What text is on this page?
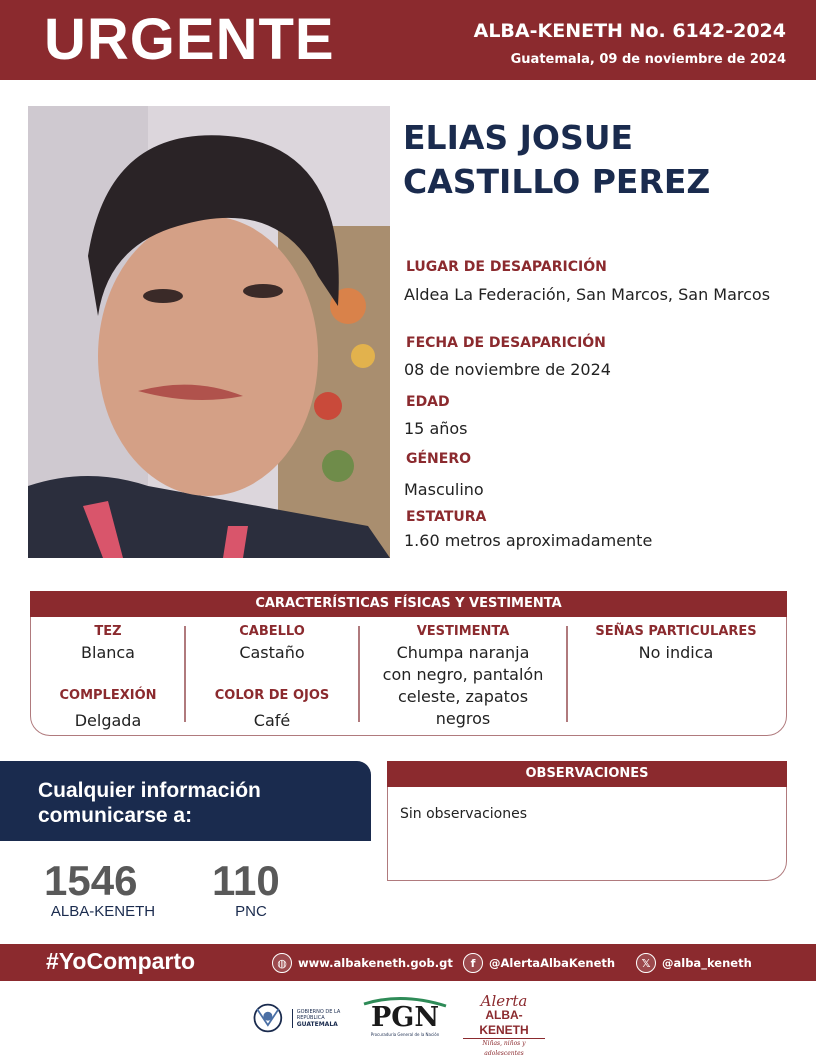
URGENTE	ALBA-KENETH No. 6142-2024
Guatemala, 09 de noviembre de 2024
ELIAS JOSUE
CASTILLO PEREZ
LUGAR DE DESAPARICIÓN
Aldea La Federación, San Marcos, San Marcos
FECHA DE DESAPARICIÓN
08 de noviembre de 2024
EDAD
15 años
GÉNERO
Masculino
ESTATURA
1.60 metros aproximadamente
CARACTERÍSTICAS FÍSICAS Y VESTIMENTA
TEZ
Blanca
COMPLEXIÓN
Delgada
CABELLO
Castaño
COLOR DE OJOS
Café
VESTIMENTA
Chumpa naranja
con negro, pantalón
celeste, zapatos
negros
SEÑAS PARTICULARES
No indica
Cualquier información
comunicarse a:
1546
ALBA-KENETH
110
PNC
OBSERVACIONES
Sin observaciones
#YoComparto	◍ www.albakeneth.gob.gt	f	@AlertaAlbaKeneth	𝕏	@alba_keneth
GOBIERNO DE LA REPÚBLICA
GUATEMALA	PGN
Procuraduría General de la Nación
Alerta
ALBA-KENETH
Niñas, niños y adolescentes
